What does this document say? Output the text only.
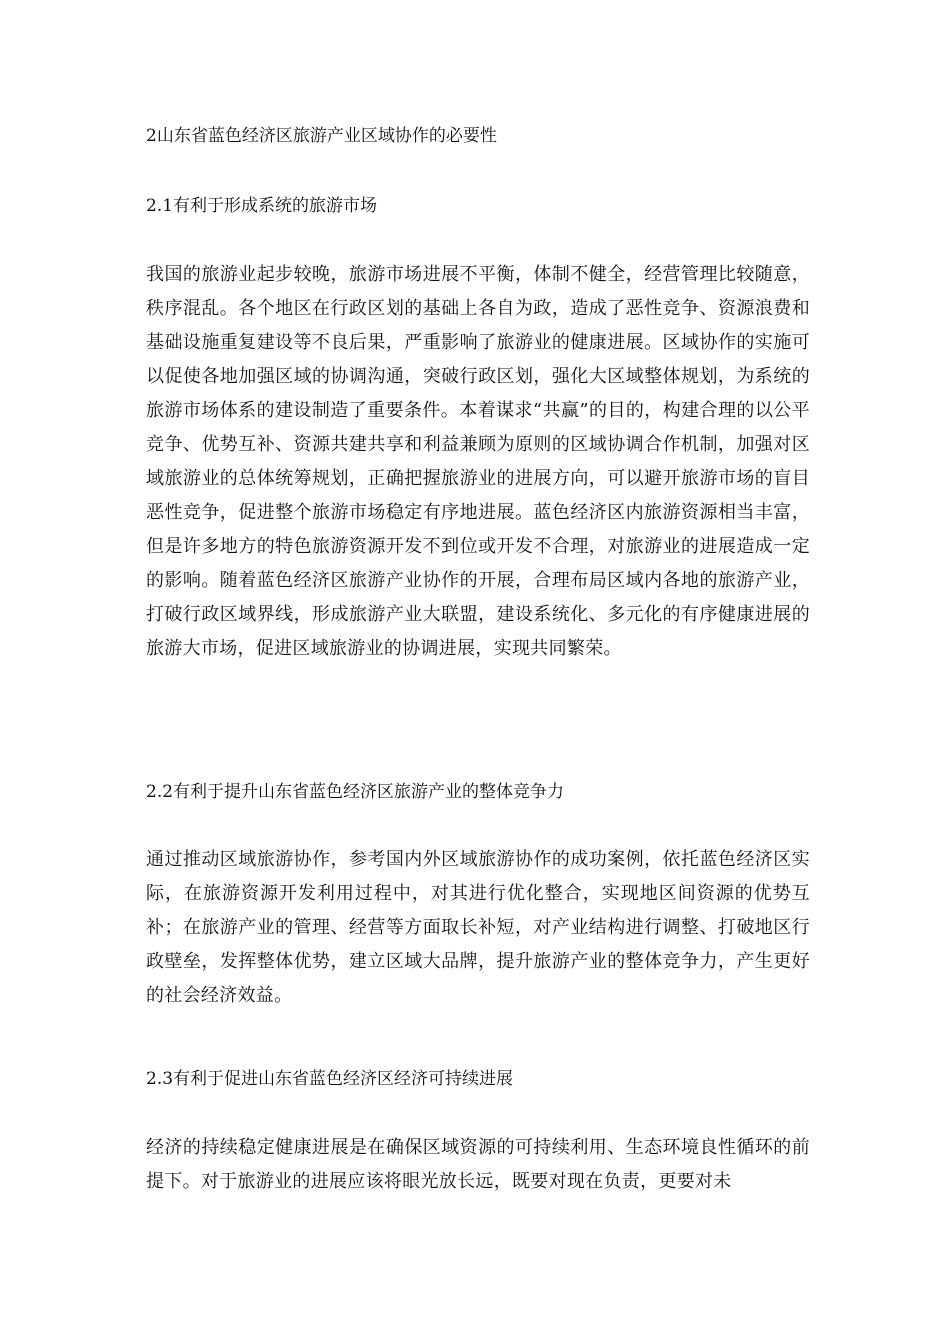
2山东省蓝色经济区旅游产业区域协作的必要性
2.1有利于形成系统的旅游市场

我国的旅游业起步较晚，旅游市场进展不平衡，体制不健全，经营管理比较随意，秩序混乱。各个地区在行政区划的基础上各自为政，造成了恶性竞争、资源浪费和基础设施重复建设等不良后果，严重影响了旅游业的健康进展。区域协作的实施可以促使各地加强区域的协调沟通，突破行政区划，强化大区域整体规划，为系统的旅游市场体系的建设制造了重要条件。本着谋求“共赢”的目的，构建合理的以公平竞争、优势互补、资源共建共享和利益兼顾为原则的区域协调合作机制，加强对区域旅游业的总体统筹规划，正确把握旅游业的进展方向，可以避开旅游市场的盲目恶性竞争，促进整个旅游市场稳定有序地进展。蓝色经济区内旅游资源相当丰富，但是许多地方的特色旅游资源开发不到位或开发不合理，对旅游业的进展造成一定的影响。随着蓝色经济区旅游产业协作的开展，合理布局区域内各地的旅游产业，打破行政区域界线，形成旅游产业大联盟，建设系统化、多元化的有序健康进展的旅游大市场，促进区域旅游业的协调进展，实现共同繁荣。

2.2有利于提升山东省蓝色经济区旅游产业的整体竞争力

通过推动区域旅游协作，参考国内外区域旅游协作的成功案例，依托蓝色经济区实际，在旅游资源开发利用过程中，对其进行优化整合，实现地区间资源的优势互补；在旅游产业的管理、经营等方面取长补短，对产业结构进行调整、打破地区行政壁垒，发挥整体优势，建立区域大品牌，提升旅游产业的整体竞争力，产生更好的社会经济效益。

2.3有利于促进山东省蓝色经济区经济可持续进展

经济的持续稳定健康进展是在确保区域资源的可持续利用、生态环境良性循环的前提下。对于旅游业的进展应该将眼光放长远，既要对现在负责，更要对未
